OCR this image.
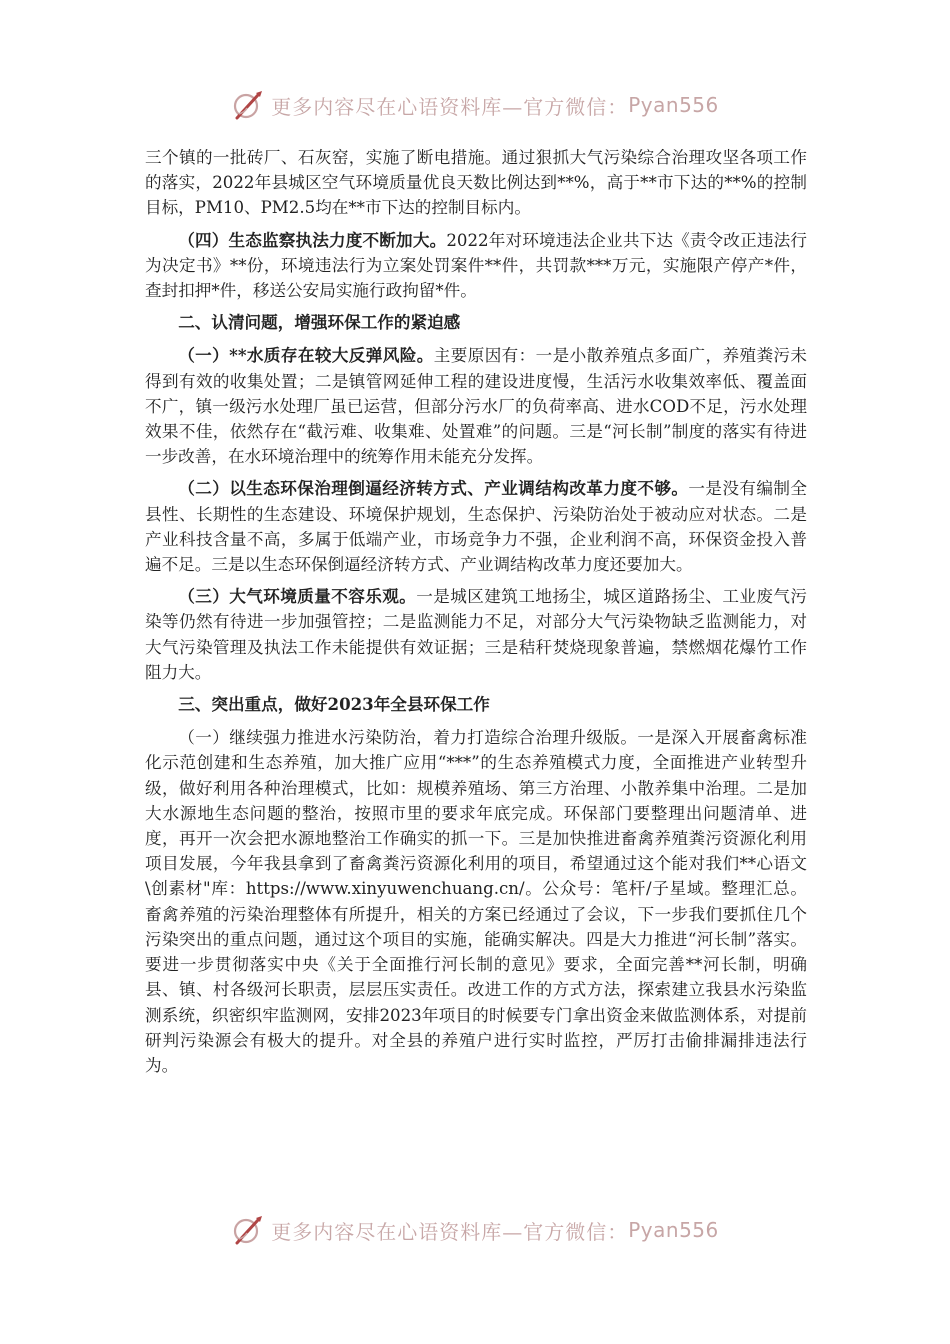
更多内容尽在心语资料库—官方微信： Pyan556

三个镇的一批砖厂、石灰窑，实施了断电措施。通过狠抓大气污染综合治理攻坚各项工作的落实，2022年县城区空气环境质量优良天数比例达到**%，高于**市下达的**%的控制目标，PM10、PM2.5均在**市下达的控制目标内。

（四）生态监察执法力度不断加大。2022年对环境违法企业共下达《责令改正违法行为决定书》**份，环境违法行为立案处罚案件**件，共罚款***万元，实施限产停产*件，查封扣押*件，移送公安局实施行政拘留*件。

二、认清问题，增强环保工作的紧迫感

（一）**水质存在较大反弹风险。主要原因有：一是小散养殖点多面广，养殖粪污未得到有效的收集处置；二是镇管网延伸工程的建设进度慢，生活污水收集效率低、覆盖面不广，镇一级污水处理厂虽已运营，但部分污水厂的负荷率高、进水COD不足，污水处理效果不佳，依然存在“截污难、收集难、处置难”的问题。三是“河长制”制度的落实有待进一步改善，在水环境治理中的统筹作用未能充分发挥。

（二）以生态环保治理倒逼经济转方式、产业调结构改革力度不够。一是没有编制全县性、长期性的生态建设、环境保护规划，生态保护、污染防治处于被动应对状态。二是产业科技含量不高，多属于低端产业，市场竞争力不强，企业利润不高，环保资金投入普遍不足。三是以生态环保倒逼经济转方式、产业调结构改革力度还要加大。

（三）大气环境质量不容乐观。一是城区建筑工地扬尘，城区道路扬尘、工业废气污染等仍然有待进一步加强管控；二是监测能力不足，对部分大气污染物缺乏监测能力，对大气污染管理及执法工作未能提供有效证据；三是秸秆焚烧现象普遍，禁燃烟花爆竹工作阻力大。

三、突出重点，做好2023年全县环保工作

（一）继续强力推进水污染防治，着力打造综合治理升级版。一是深入开展畜禽标准化示范创建和生态养殖，加大推广应用“***”的生态养殖模式力度，全面推进产业转型升级，做好利用各种治理模式，比如：规模养殖场、第三方治理、小散养集中治理。二是加大水源地生态问题的整治，按照市里的要求年底完成。环保部门要整理出问题清单、进度，再开一次会把水源地整治工作确实的抓一下。三是加快推进畜禽养殖粪污资源化利用项目发展，今年我县拿到了畜禽粪污资源化利用的项目，希望通过这个能对我们**心语文\创素材"库：https://www.xinyuwenchuang.cn/。公众号：笔杆/子星域。整理汇总。畜禽养殖的污染治理整体有所提升，相关的方案已经通过了会议，下一步我们要抓住几个污染突出的重点问题，通过这个项目的实施，能确实解决。四是大力推进“河长制”落实。要进一步贯彻落实中央《关于全面推行河长制的意见》要求，全面完善**河长制，明确县、镇、村各级河长职责，层层压实责任。改进工作的方式方法，探索建立我县水污染监测系统，织密织牢监测网，安排2023年项目的时候要专门拿出资金来做监测体系，对提前研判污染源会有极大的提升。对全县的养殖户进行实时监控，严厉打击偷排漏排违法行为。

更多内容尽在心语资料库—官方微信： Pyan556
